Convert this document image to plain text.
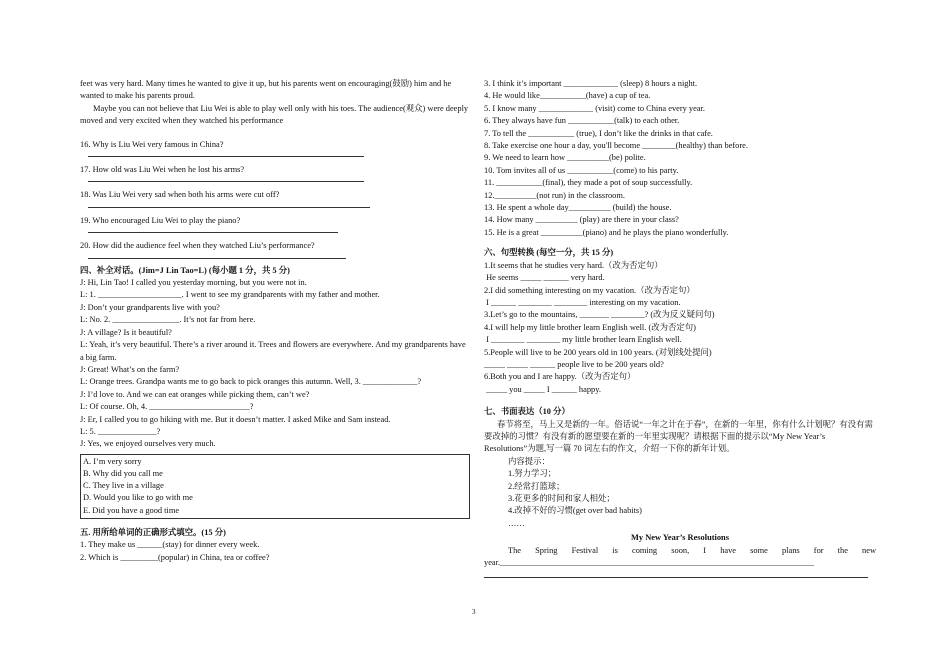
feet was very hard. Many times he wanted to give it up, but his parents went on encouraging(鼓励) him and he wanted to make his parents proud.
Maybe you can not believe that Liu Wei is able to play well only with his toes. The audience(观众) were deeply moved and very excited when they watched his performance
16. Why is Liu Wei very famous in China?
17. How old was Liu Wei when he lost his arms?
18. Was Liu Wei very sad when both his arms were cut off?
19. Who encouraged Liu Wei to play the piano?
20. How did the audience feel when they watched Liu’s performance?
四、补全对话。(Jim=J Lin Tao=L) (每小题 1 分，共 5 分)
J: Hi, Lin Tao! I called you yesterday morning, but you were not in.
L: 1. ____________________. I went to see my grandparents with my father and mother.
J: Don’t your grandparents live with you?
L: No. 2. ________________. It’s not far from here.
J: A village? Is it beautiful?
L: Yeah, it’s very beautiful. There’s a river around it. Trees and flowers are everywhere. And my grandparents have a big farm.
J: Great! What’s on the farm?
L: Orange trees. Grandpa wants me to go back to pick oranges this autumn. Well, 3. _____________?
J: I’d love to. And we can eat oranges while picking them, can’t we?
L: Of course. Oh, 4. ________________________?
J: Er, I called you to go hiking with me. But it doesn’t matter. I asked Mike and Sam instead.
L: 5. ______________?
J: Yes, we enjoyed ourselves very much.
A. I’m very sorry
B. Why did you call me
C. They live in a village
D. Would you like to go with me
E. Did you have a good time
五. 用所给单词的正确形式填空。(15 分)
1. They make us ______(stay) for dinner every week.
2. Which is _________(popular) in China, tea or coffee?
3. I think it’s important _____________ (sleep) 8 hours a night.
4. He would like___________(have) a cup of tea.
5. I know many _____________ (visit) come to China every year.
6. They always have fun ___________(talk) to each other.
7. To tell the ___________ (true), I don’t like the drinks in that cafe.
8. Take exercise one hour a day, you'll become ________(healthy) than before.
9. We need to learn how __________(be) polite.
10. Tom invites all of us ___________(come) to his party.
11. ___________(final), they made a pot of soup successfully.
12.__________(not run) in the classroom.
13. He spent a whole day__________ (build) the house.
14. How many __________ (play) are there in your class?
15. He is a great __________(piano) and he plays the piano wonderfully.
六、句型转换 (每空一分，共 15 分)
1.It seems that he studies very hard.（改为否定句）
He seems _____ ______ very hard.
2.I did something interesting on my vacation.（改为否定句）
I ______ ________ ________ interesting on my vacation.
3.Let’s go to the mountains, _______ ________? (改为反义疑问句)
4.I will help my little brother learn English well. (改为否定句)
I ________ ________ my little brother learn English well.
5.People will live to be 200 years old in 100 years. (对划线处提问)
_____ _____ ______ people live to be 200 years old?
6.Both you and I are happy.（改为否定句）
_____ you _____ I ______ happy.
七、书面表达（10 分）
春节将至，马上又是新的一年。俗话说“一年之计在于春”，在新的一年里，你有什么计划呢？有没有需要改掉的习惯？有没有新的愿望要在新的一年里实现呢？请根据下面的提示以“My New Year’s Resolutions”为题,写一篇 70 词左右的作文，介绍一下你的新年计划。
内容提示：
1.努力学习；
2.经常打篮球；
3.花更多的时间和家人相处；
4.改掉不好的习惯(get over bad habits)
……
My New Year’s Resolutions
The  Spring  Festival  is  coming  soon,  I  have  some  plans  for  the  new
year.___________________________________________________________________________
3
